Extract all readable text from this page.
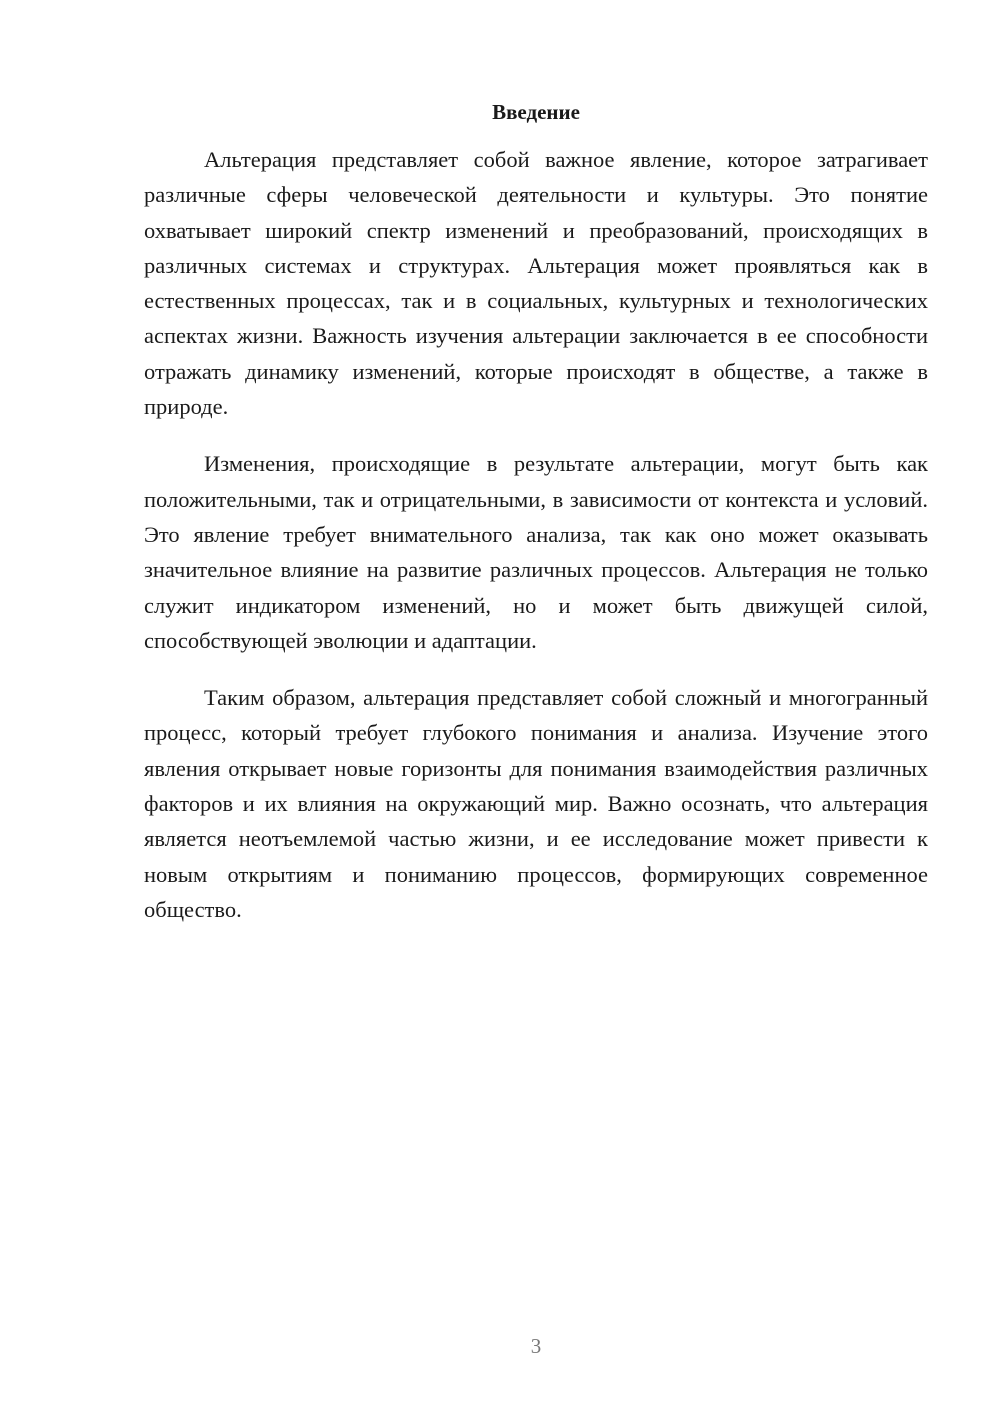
Введение

Альтерация представляет собой важное явление, которое затрагивает различные сферы человеческой деятельности и культуры. Это понятие охватывает широкий спектр изменений и преобразований, происходящих в различных системах и структурах. Альтерация может проявляться как в естественных процессах, так и в социальных, культурных и технологических аспектах жизни. Важность изучения альтерации заключается в ее способности отражать динамику изменений, которые происходят в обществе, а также в природе.

Изменения, происходящие в результате альтерации, могут быть как положительными, так и отрицательными, в зависимости от контекста и условий. Это явление требует внимательного анализа, так как оно может оказывать значительное влияние на развитие различных процессов. Альтерация не только служит индикатором изменений, но и может быть движущей силой, способствующей эволюции и адаптации.

Таким образом, альтерация представляет собой сложный и многогранный процесс, который требует глубокого понимания и анализа. Изучение этого явления открывает новые горизонты для понимания взаимодействия различных факторов и их влияния на окружающий мир. Важно осознать, что альтерация является неотъемлемой частью жизни, и ее исследование может привести к новым открытиям и пониманию процессов, формирующих современное общество.

3
